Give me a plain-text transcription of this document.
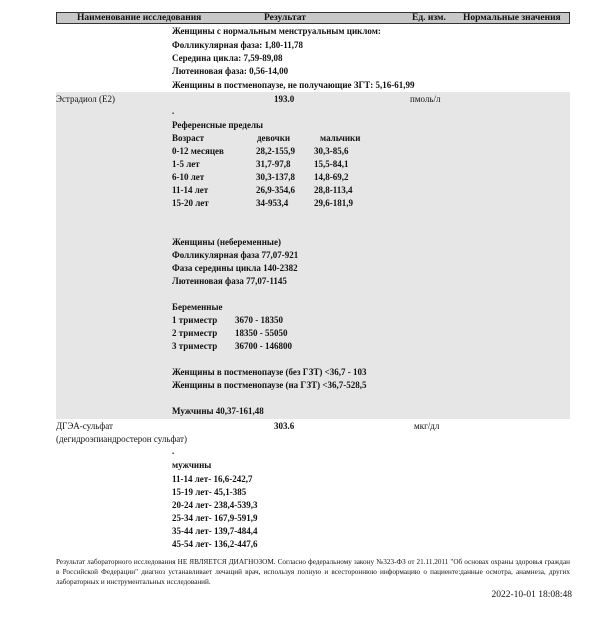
Наименование исследования	Результат	Ед. изм. Нормальные значения
Женщины с нормальным менструальным циклом:
Фолликулярная фаза: 1,80-11,78
Середина цикла: 7,59-89,08
Лютеиновая фаза: 0,56-14,00
Женщины в постменопаузе, не получающие ЗГТ: 5,16-61,99
Эстрадиол (E2)	193.0	пмоль/л
.
Референсные пределы
Возраст	девочки	мальчики
0-12 месяцев	28,2-155,9 30,3-85,6
1-5 лет	31,7-97,8	15,5-84,1
6-10 лет	30,3-137,8 14,8-69,2
11-14 лет	26,9-354,6 28,8-113,4
15-20 лет	34-953,4	29,6-181,9
Женщины (небеременные)
Фолликулярная фаза 77,07-921
Фаза середины цикла 140-2382
Лютеиновая фаза 77,07-1145
Беременные
1 триместр 3670 - 18350
2 триместр 18350 - 55050
3 триместр 36700 - 146800
Женщины в постменопаузе (без ГЗТ) <36,7 - 103
Женщины в постменопаузе (на ГЗТ) <36,7-528,5
Мужчины 40,37-161,48
ДГЭА-сульфат
(дегидроэпиандростерон сульфат)
303.6	мкг/дл
.
мужчины
11-14 лет- 16,6-242,7
15-19 лет- 45,1-385
20-24 лет- 238,4-539,3
25-34 лет- 167,9-591,9
35-44 лет- 139,7-484,4
45-54 лет- 136,2-447,6
Результат лабораторного исследования НЕ ЯВЛЯЕТСЯ ДИАГНОЗОМ. Согласно федеральному закону №323-ФЗ от 21.11.2011 "Об основах охраны здоровья граждан в Российской Федерации" диагноз устанавливает лечащий врач, используя полную и всестороннюю информацию о пациенте:данные осмотра, анамнеза, других лабораторных и инструментальных исследований.
2022-10-01 18:08:48
